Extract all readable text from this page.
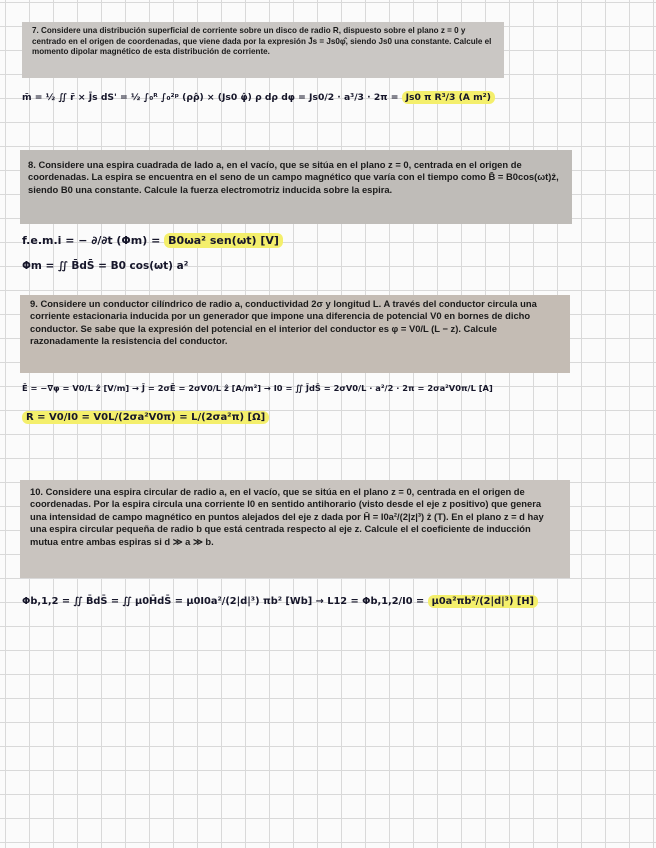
7. Considere una distribución superficial de corriente sobre un disco de radio R, dispuesto sobre el plano z = 0 y centrado en el origen de coordenadas, que viene dada por la expresión J̄s = Js0φ̂, siendo Js0 una constante. Calcule el momento dipolar magnético de esta distribución de corriente.
8. Considere una espira cuadrada de lado a, en el vacío, que se sitúa en el plano z = 0, centrada en el origen de coordenadas. La espira se encuentra en el seno de un campo magnético que varía con el tiempo como B̄ = B0cos(ωt)ẑ, siendo B0 una constante. Calcule la fuerza electromotriz inducida sobre la espira.
9. Considere un conductor cilíndrico de radio a, conductividad 2σ y longitud L. A través del conductor circula una corriente estacionaria inducida por un generador que impone una diferencia de potencial V0 en bornes de dicho conductor. Se sabe que la expresión del potencial en el interior del conductor es φ = V0/L (L − z). Calcule razonadamente la resistencia del conductor.
10. Considere una espira circular de radio a, en el vacío, que se sitúa en el plano z = 0, centrada en el origen de coordenadas. Por la espira circula una corriente I0 en sentido antihorario (visto desde el eje z positivo) que genera una intensidad de campo magnético en puntos alejados del eje z dada por H̄ = I0a²/(2|z|³) ẑ (T). En el plano z = d hay una espira circular pequeña de radio b que está centrada respecto al eje z. Calcule el el coeficiente de inducción mutua entre ambas espiras si d ≫ a ≫ b.
m̄ = ½ ∬ r̄ × J̄s dS' = ½ ∫₀ᴿ ∫₀²ᵖ (ρρ̂) × (Js0 φ̂) ρ dρ dφ = Js0/2 · a³/3 · 2π = Js0 π R³/3 (A m²)
f.e.m.i = − ∂/∂t (Φm) = B0ωa² sen(ωt) [V]
Φm = ∬ B̄dS̄ = B0 cos(ωt) a²
Ē = −∇φ = V0/L ẑ [V/m] → J̄ = 2σĒ = 2σV0/L ẑ [A/m²] → I0 = ∬ J̄dS̄ = 2σV0/L · a²/2 · 2π = 2σa²V0π/L [A]
R = V0/I0 = V0L/(2σa²V0π) = L/(2σa²π) [Ω]
Φb,1,2 = ∬ B̄dS̄ = ∬ μ0H̄dS̄ = μ0I0a²/(2|d|³) πb² [Wb] → L12 = Φb,1,2/I0 = μ0a²πb²/(2|d|³) [H]
